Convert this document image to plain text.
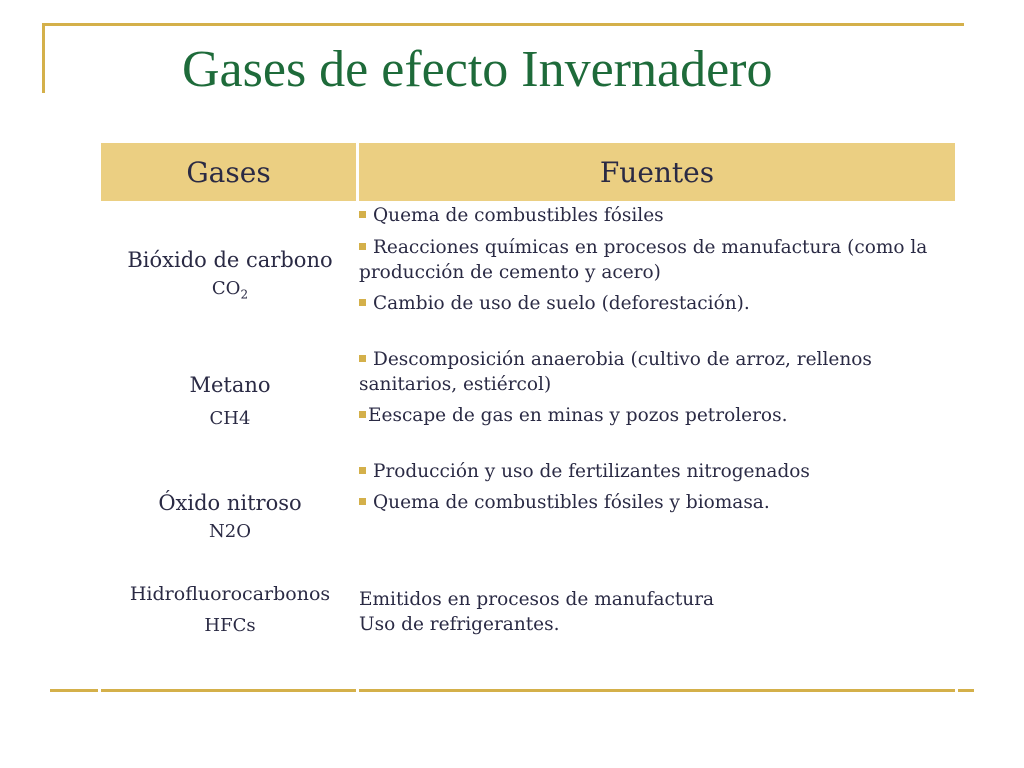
Gases de efecto Invernadero
Gases	Fuentes
Bióxido de carbono
$CO_2$
Quema de combustibles fósiles
Reacciones químicas en procesos de manufactura (como la
producción de cemento y acero)
Cambio de uso de suelo (deforestación).
Metano
CH4
Descomposición anaerobia (cultivo de arroz, rellenos
sanitarios, estiércol)
Eescape de gas en minas y pozos petroleros.
Óxido nitroso
N2O
Producción y uso de fertilizantes nitrogenados
Quema de combustibles fósiles y biomasa.
Hidrofluorocarbonos
HFCs
Emitidos en procesos de manufactura
Uso de refrigerantes.
